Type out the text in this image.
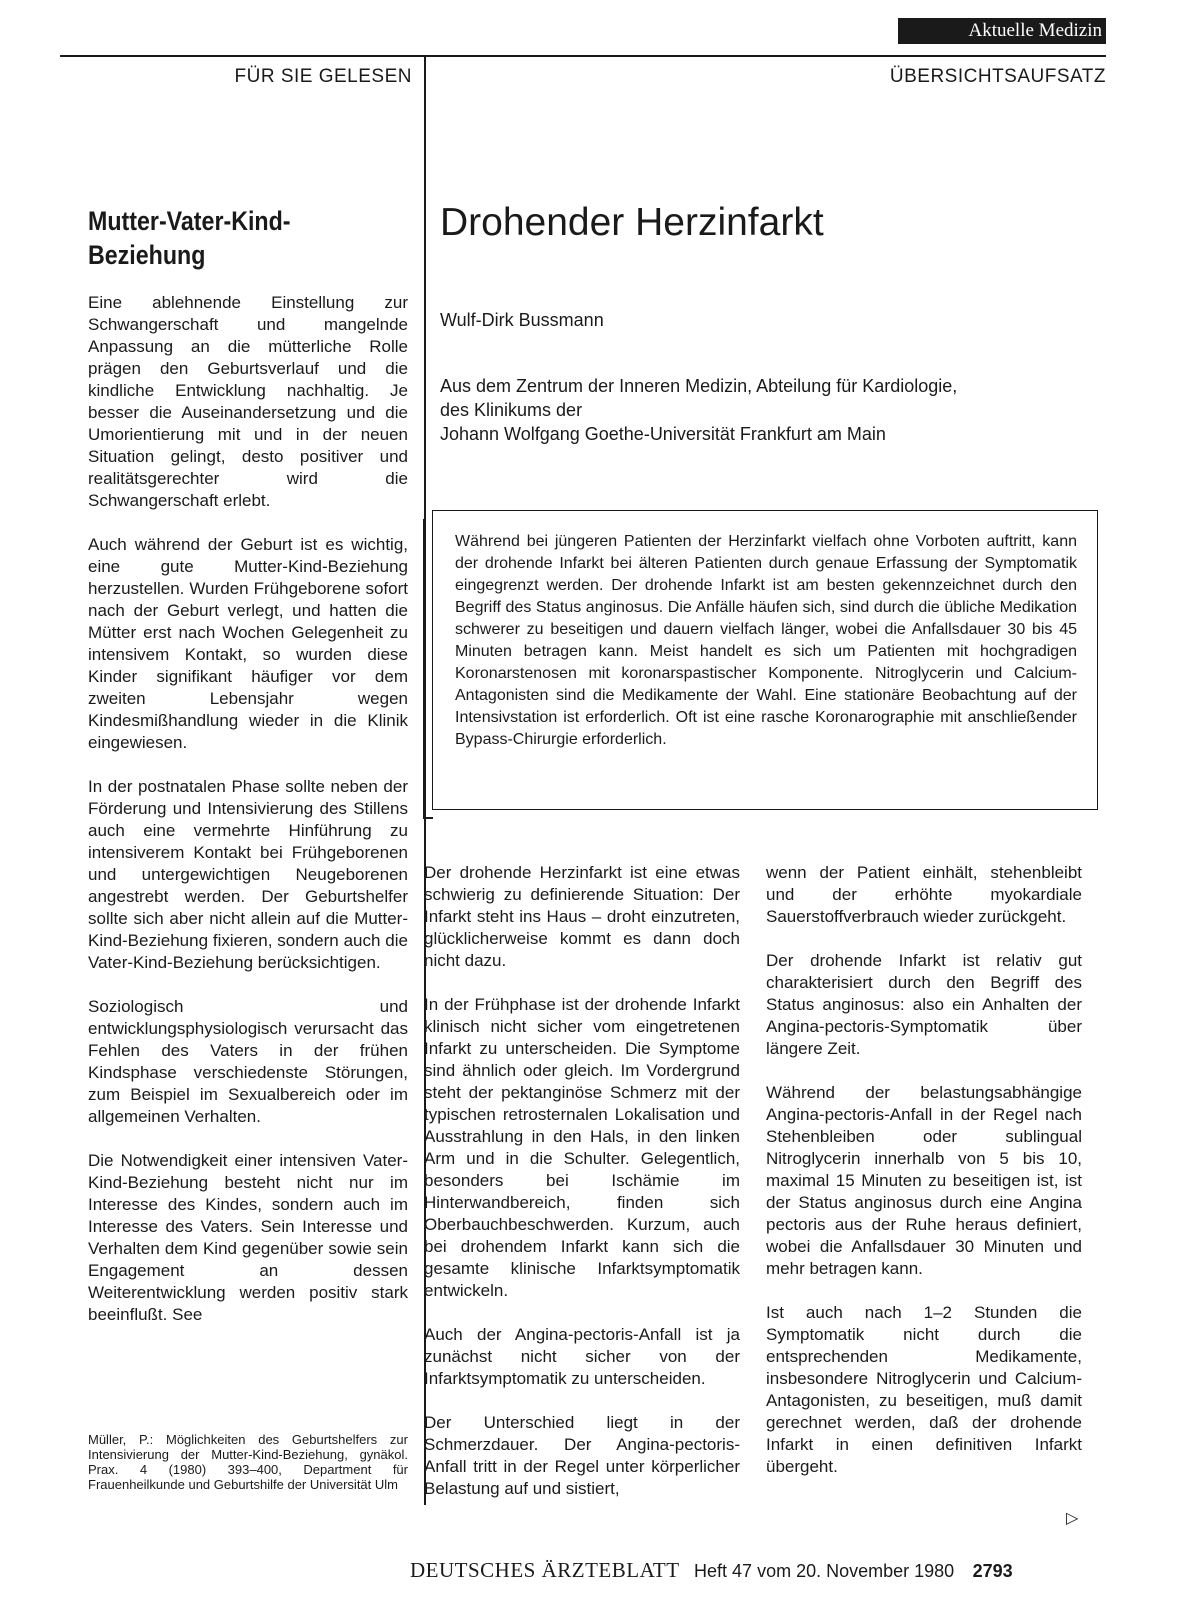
Aktuelle Medizin
FÜR SIE GELESEN	ÜBERSICHTSAUFSATZ
Mutter-Vater-Kind-
Beziehung

Eine ablehnende Einstellung zur Schwangerschaft und mangelnde Anpassung an die mütterliche Rolle prägen den Geburtsverlauf und die kindliche Entwicklung nachhaltig. Je besser die Auseinandersetzung und die Umorientierung mit und in der neuen Situation gelingt, desto positiver und realitätsgerechter wird die Schwangerschaft erlebt.

Auch während der Geburt ist es wichtig, eine gute Mutter-Kind-Beziehung herzustellen. Wurden Frühgeborene sofort nach der Geburt verlegt, und hatten die Mütter erst nach Wochen Gelegenheit zu intensivem Kontakt, so wurden diese Kinder signifikant häufiger vor dem zweiten Lebensjahr wegen Kindesmißhandlung wieder in die Klinik eingewiesen.

In der postnatalen Phase sollte neben der Förderung und Intensivierung des Stillens auch eine vermehrte Hinführung zu intensiverem Kontakt bei Frühgeborenen und untergewichtigen Neugeborenen angestrebt werden. Der Geburtshelfer sollte sich aber nicht allein auf die Mutter-Kind-Beziehung fixieren, sondern auch die Vater-Kind-Beziehung berücksichtigen.

Soziologisch und entwicklungsphysiologisch verursacht das Fehlen des Vaters in der frühen Kindsphase verschiedenste Störungen, zum Beispiel im Sexualbereich oder im allgemeinen Verhalten.

Die Notwendigkeit einer intensiven Vater-Kind-Beziehung besteht nicht nur im Interesse des Kindes, sondern auch im Interesse des Vaters. Sein Interesse und Verhalten dem Kind gegenüber sowie sein Engagement an dessen Weiterentwicklung werden positiv stark beeinflußt. See

Müller, P.: Möglichkeiten des Geburtshelfers zur Intensivierung der Mutter-Kind-Beziehung, gynäkol. Prax. 4 (1980) 393–400, Department für Frauenheilkunde und Geburtshilfe der Universität Ulm
Drohender Herzinfarkt
Wulf-Dirk Bussmann
Aus dem Zentrum der Inneren Medizin, Abteilung für Kardiologie,
des Klinikums der
Johann Wolfgang Goethe-Universität Frankfurt am Main
Während bei jüngeren Patienten der Herzinfarkt vielfach ohne Vorboten auftritt, kann der drohende Infarkt bei älteren Patienten durch genaue Erfassung der Symptomatik eingegrenzt werden. Der drohende Infarkt ist am besten gekennzeichnet durch den Begriff des Status anginosus. Die Anfälle häufen sich, sind durch die übliche Medikation schwerer zu beseitigen und dauern vielfach länger, wobei die Anfallsdauer 30 bis 45 Minuten betragen kann. Meist handelt es sich um Patienten mit hochgradigen Koronarstenosen mit koronarspastischer Komponente. Nitroglycerin und Calcium-Antagonisten sind die Medikamente der Wahl. Eine stationäre Beobachtung auf der Intensivstation ist erforderlich. Oft ist eine rasche Koronarographie mit anschließender Bypass-Chirurgie erforderlich.

Der drohende Herzinfarkt ist eine etwas schwierig zu definierende Situation: Der Infarkt steht ins Haus – droht einzutreten, glücklicherweise kommt es dann doch nicht dazu.

In der Frühphase ist der drohende Infarkt klinisch nicht sicher vom eingetretenen Infarkt zu unterscheiden. Die Symptome sind ähnlich oder gleich. Im Vordergrund steht der pektanginöse Schmerz mit der typischen retrosternalen Lokalisation und Ausstrahlung in den Hals, in den linken Arm und in die Schulter. Gelegentlich, besonders bei Ischämie im Hinterwandbereich, finden sich Oberbauchbeschwerden. Kurzum, auch bei drohendem Infarkt kann sich die gesamte klinische Infarktsymptomatik entwickeln.

Auch der Angina-pectoris-Anfall ist ja zunächst nicht sicher von der Infarktsymptomatik zu unterscheiden.

Der Unterschied liegt in der Schmerzdauer. Der Angina-pectoris-Anfall tritt in der Regel unter körperlicher Belastung auf und sistiert,

wenn der Patient einhält, stehenbleibt und der erhöhte myokardiale Sauerstoffverbrauch wieder zurückgeht.

Der drohende Infarkt ist relativ gut charakterisiert durch den Begriff des Status anginosus: also ein Anhalten der Angina-pectoris-Symptomatik über längere Zeit.

Während der belastungsabhängige Angina-pectoris-Anfall in der Regel nach Stehenbleiben oder sublingual Nitroglycerin innerhalb von 5 bis 10, maximal 15 Minuten zu beseitigen ist, ist der Status anginosus durch eine Angina pectoris aus der Ruhe heraus definiert, wobei die Anfallsdauer 30 Minuten und mehr betragen kann.

Ist auch nach 1–2 Stunden die Symptomatik nicht durch die entsprechenden Medikamente, insbesondere Nitroglycerin und Calcium-Antagonisten, zu beseitigen, muß damit gerechnet werden, daß der drohende Infarkt in einen definitiven Infarkt übergeht.

▷
DEUTSCHES ÄRZTEBLATT Heft 47 vom 20. November 1980 2793
